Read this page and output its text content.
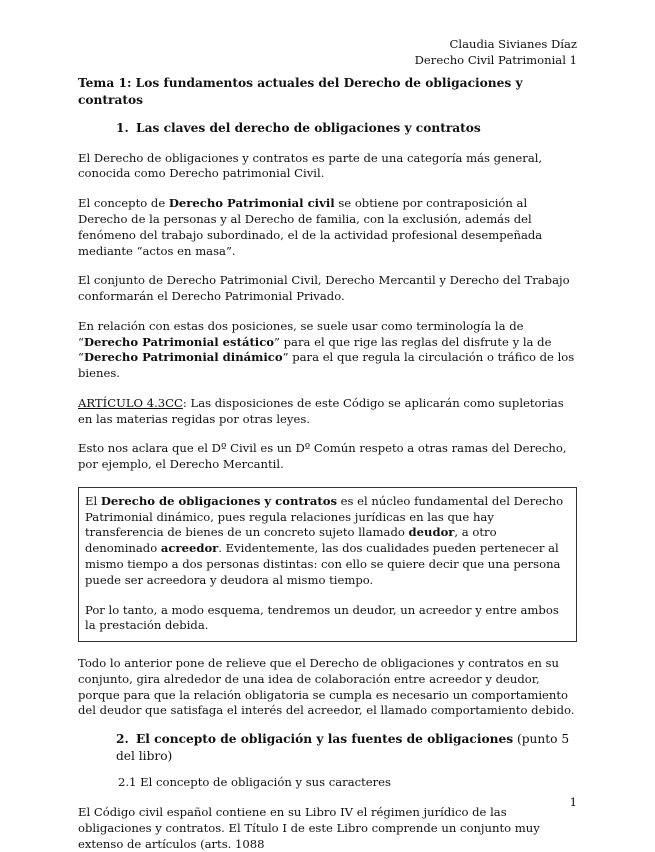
Claudia Sivianes Díaz
Derecho Civil Patrimonial 1
Tema 1: Los fundamentos actuales del Derecho de obligaciones y contratos
1. Las claves del derecho de obligaciones y contratos

El Derecho de obligaciones y contratos es parte de una categoría más general, conocida como Derecho patrimonial Civil.

El concepto de Derecho Patrimonial civil se obtiene por contraposición al Derecho de la personas y al Derecho de familia, con la exclusión, además del fenómeno del trabajo subordinado, el de la actividad profesional desempeñada mediante “actos en masa”.

El conjunto de Derecho Patrimonial Civil, Derecho Mercantil y Derecho del Trabajo conformarán el Derecho Patrimonial Privado.

En relación con estas dos posiciones, se suele usar como terminología la de “Derecho Patrimonial estático” para el que rige las reglas del disfrute y la de “Derecho Patrimonial dinámico” para el que regula la circulación o tráfico de los bienes.

ARTÍCULO 4.3CC: Las disposiciones de este Código se aplicarán como supletorias en las materias regidas por otras leyes.

Esto nos aclara que el Dº Civil es un Dº Común respeto a otras ramas del Derecho, por ejemplo, el Derecho Mercantil.

El Derecho de obligaciones y contratos es el núcleo fundamental del Derecho Patrimonial dinámico, pues regula relaciones jurídicas en las que hay transferencia de bienes de un concreto sujeto llamado deudor, a otro denominado acreedor. Evidentemente, las dos cualidades pueden pertenecer al mismo tiempo a dos personas distintas: con ello se quiere decir que una persona puede ser acreedora y deudora al mismo tiempo.

Por lo tanto, a modo esquema, tendremos un deudor, un acreedor y entre ambos la prestación debida.

Todo lo anterior pone de relieve que el Derecho de obligaciones y contratos en su conjunto, gira alrededor de una idea de colaboración entre acreedor y deudor, porque para que la relación obligatoria se cumpla es necesario un comportamiento del deudor que satisfaga el interés del acreedor, el llamado comportamiento debido.

2. El concepto de obligación y las fuentes de obligaciones (punto 5 del libro)
2.1 El concepto de obligación y sus caracteres

El Código civil español contiene en su Libro IV el régimen jurídico de las obligaciones y contratos. El Título I de este Libro comprende un conjunto muy extenso de artículos (arts. 1088

1
